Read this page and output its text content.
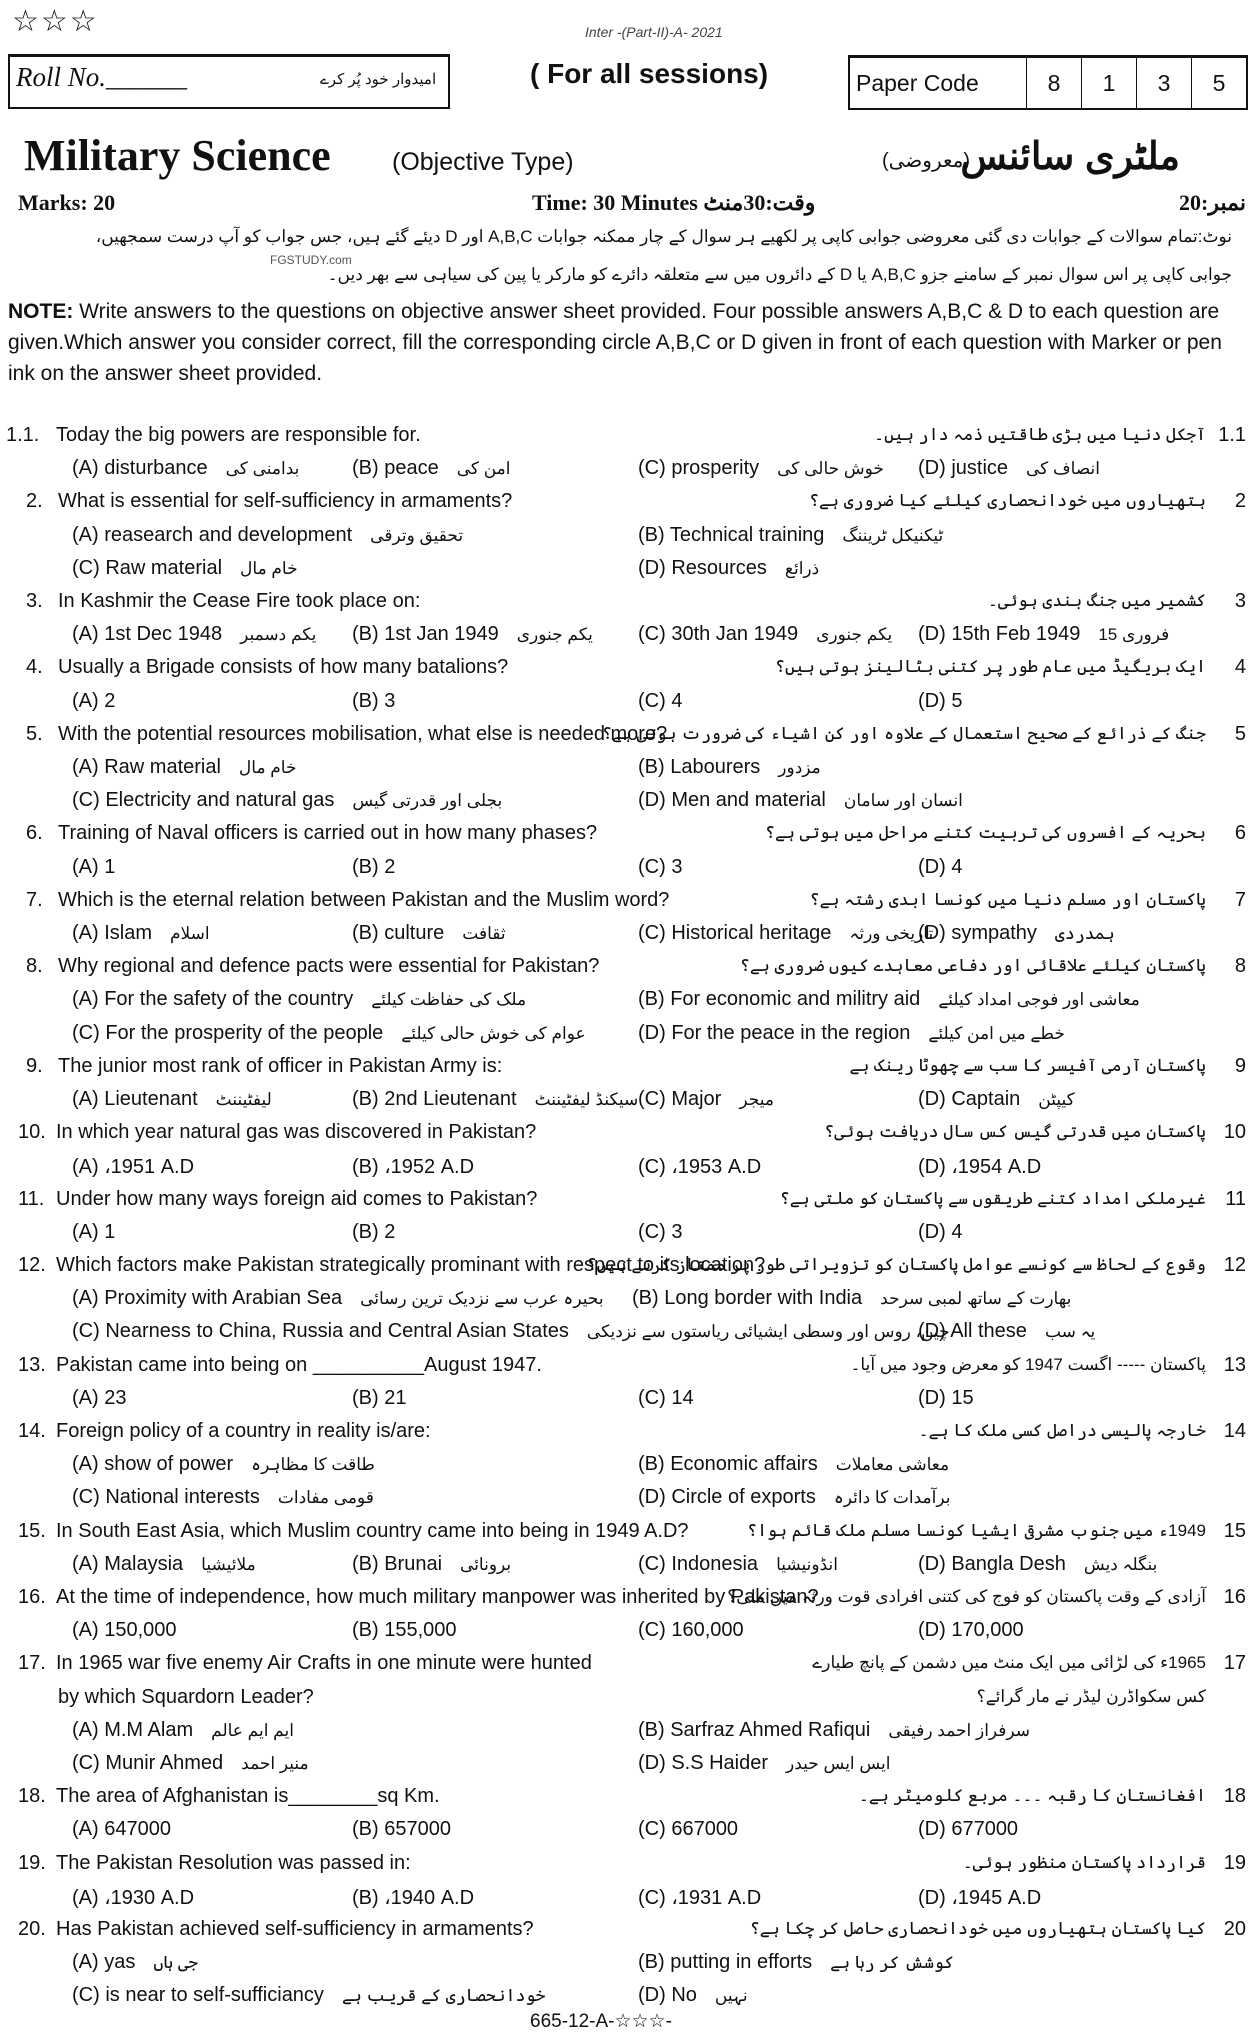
☆☆☆	Inter -(Part-II)-A- 2021
Roll No.______	امیدوار خود پُر کرے	( For all sessions)	Paper Code	8	1	3	5
Military Science (Objective Type)	ملٹری سائنس
(معروضی)
Marks: 20	Time: 30 Minutes وقت:30منٹ	نمبر:20
نوٹ:تمام سوالات کے جوابات دی گئی معروضی جوابی کاپی پر لکھیے ہر سوال کے چار ممکنہ جوابات A,B,C اور D دیئے گئے ہیں، جس جواب کو آپ درست سمجھیں،
جوابی کاپی پر اس سوال نمبر کے سامنے جزو A,B,C یا D کے دائروں میں سے متعلقہ دائرے کو مارکر یا پین کی سیاہی سے بھر دیں۔
FGSTUDY.com
NOTE: Write answers to the questions on objective answer sheet provided. Four possible answers A,B,C & D to each question are given.Which answer you consider correct, fill the corresponding circle A,B,C or D given in front of each question with Marker or pen ink on the answer sheet provided.
1.1. Today the big powers are responsible for.	آجکل دنیا میں بڑی طاقتیں ذمہ دار ہیں۔ 1.1
(A) disturbance بدامنی کی	(B) peace امن کی	(C) prosperity خوش حالی کی (D) justice انصاف کی
2. What is essential for self-sufficiency in armaments?	ہتھیاروں میں خودانحصاری کیلئے کیا ضروری ہے؟ 2
(A) reasearch and development تحقیق وترقی	(B) Technical training ٹیکنیکل ٹریننگ
(C) Raw material خام مال	(D) Resources ذرائع
3. In Kashmir the Cease Fire took place on:	کشمیر میں جنگ بندی ہوئی۔ 3
(A) 1st Dec 1948 یکم دسمبر (B) 1st Jan 1949 یکم جنوری (C) 30th Jan 1949 یکم جنوری (D) 15th Feb 1949 15 فروری
4. Usually a Brigade consists of how many batalions?	ایک بریگیڈ میں عام طور پر کتنی بٹالینز ہوتی ہیں؟ 4
(A) 2	(B) 3	(C) 4	(D) 5
5. With the potential resources mobilisation, what else is needed more?
جنگ کے ذرائع کے صحیح استعمال کے علاوہ اور کن اشیاء کی ضرورت ہوتی ہے؟ 5
(A) Raw material خام مال	(B) Labourers مزدور
(C) Electricity and natural gas بجلی اور قدرتی گیس	(D) Men and material انسان اور سامان
6. Training of Naval officers is carried out in how many phases?	بحریہ کے افسروں کی تربیت کتنے مراحل میں ہوتی ہے؟ 6
(A) 1	(B) 2	(C) 3	(D) 4
7. Which is the eternal relation between Pakistan and the Muslim word?	پاکستان اور مسلم دنیا میں کونسا ابدی رشتہ ہے؟ 7
(A) Islam اسلام	(B) culture ثقافت	(C) Historical heritage تاریخی ورثہ
(D) sympathy ہمدردی
8. Why regional and defence pacts were essential for Pakistan?	پاکستان کیلئے علاقائی اور دفاعی معاہدے کیوں ضروری ہے؟ 8
(A) For the safety of the country ملک کی حفاظت کیلئے	(B) For economic and militry aid معاشی اور فوجی امداد کیلئے
(C) For the prosperity of the people عوام کی خوش حالی کیلئے	(D) For the peace in the region خطے میں امن کیلئے
9. The junior most rank of officer in Pakistan Army is:	پاکستان آرمی آفیسر کا سب سے چھوٹا رینک ہے 9
(A) Lieutenant لیفٹیننٹ	(B) 2nd Lieutenant سیکنڈ لیفٹیننٹ (C) Major میجر	(D) Captain کیپٹن
10. In which year natural gas was discovered in Pakistan?	پاکستان میں قدرتی گیس کس سال دریافت ہوئی؟ 10
(A) ،1951 A.D	(B) ،1952 A.D	(C) ،1953 A.D	(D) ،1954 A.D
11. Under how many ways foreign aid comes to Pakistan?	غیرملکی امداد کتنے طریقوں سے پاکستان کو ملتی ہے؟ 11
(A) 1	(B) 2	(C) 3	(D) 4
12. Which factors make Pakistan strategically prominant with respect to its location?
وقوع کے لحاظ سے کونسے عوامل پاکستان کو تزویراتی طور پر ممتاز کرتے ہیں؟ 12
(A) Proximity with Arabian Sea بحیرہ عرب سے نزدیک ترین رسائی (B) Long border with India بھارت کے ساتھ لمبی سرحد
(C) Nearness to China, Russia and Central Asian States چین، روس اور وسطی ایشیائی ریاستوں سے نزدیکی
(D) All these یہ سب
13. Pakistan came into being on __________August 1947.	پاکستان ----- اگست 1947 کو معرض وجود میں آیا۔ 13
(A) 23	(B) 21	(C) 14	(D) 15
14. Foreign policy of a country in reality is/are:	خارجہ پالیسی دراصل کسی ملک کا ہے۔ 14
(A) show of power طاقت کا مظاہرہ	(B) Economic affairs معاشی معاملات
(C) National interests قومی مفادات	(D) Circle of exports برآمدات کا دائرہ
15. In South East Asia, which Muslim country came into being in 1949 A.D?	1949ء میں جنوب مشرقی ایشیا کونسا مسلم ملک قائم ہوا؟ 15
(A) Malaysia ملائیشیا	(B) Brunai برونائی	(C) Indonesia انڈونیشیا	(D) Bangla Desh بنگلہ دیش
16. At the time of independence, how much military manpower was inherited by Pakistan?
آزادی کے وقت پاکستان کو فوج کی کتنی افرادی قوت ورثہ میں ملی؟ 16
(A) 150,000	(B) 155,000	(C) 160,000	(D) 170,000
17. In 1965 war five enemy Air Crafts in one minute were hunted	1965ء کی لڑائی میں ایک منٹ میں دشمن کے پانچ طیارے 17
by which Squardorn Leader?	کس سکواڈرن لیڈر نے مار گرائے؟
(A) M.M Alam ایم ایم عالم	(B) Sarfraz Ahmed Rafiqui سرفراز احمد رفیقی
(C) Munir Ahmed منیر احمد	(D) S.S Haider ایس ایس حیدر
18. The area of Afghanistan is________sq Km.	افغانستان کا رقبہ ۔۔۔ مربع کلومیٹر ہے۔ 18
(A) 647000	(B) 657000	(C) 667000	(D) 677000
19. The Pakistan Resolution was passed in:	قرارداد پاکستان منظور ہوئی۔ 19
(A) ،1930 A.D	(B) ،1940 A.D	(C) ،1931 A.D	(D) ،1945 A.D
20. Has Pakistan achieved self-sufficiency in armaments?	کیا پاکستان ہتھیاروں میں خودانحصاری حاصل کر چکا ہے؟ 20
(A) yas جی ہاں	(B) putting in efforts کوشش کر رہا ہے
(C) is near to self-sufficiancy خودانحصاری کے قریب ہے	(D) No نہیں
665-12-A-☆☆☆-
